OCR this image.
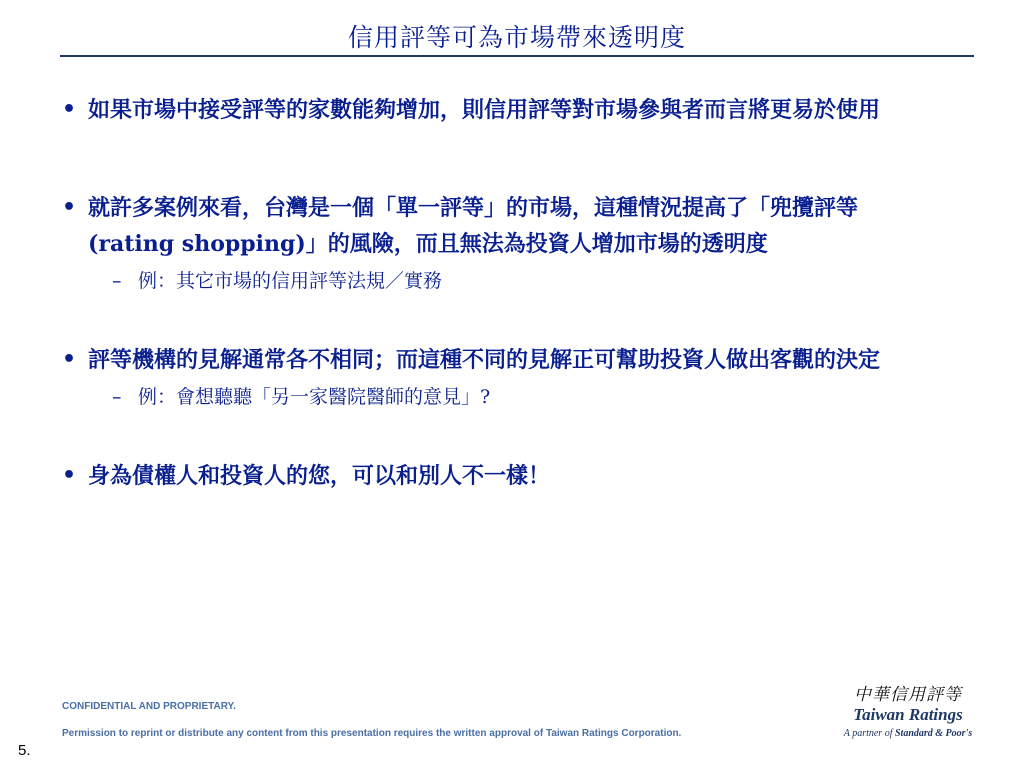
信用評等可為市場帶來透明度

• 如果市場中接受評等的家數能夠增加，則信用評等對市場參與者而言將更易於使用

• 就許多案例來看，台灣是一個「單一評等」的市場，這種情況提高了「兜攬評等 (rating shopping)」的風險，而且無法為投資人增加市場的透明度

– 例：其它市場的信用評等法規／實務

• 評等機構的見解通常各不相同；而這種不同的見解正可幫助投資人做出客觀的決定

– 例：會想聽聽「另一家醫院醫師的意見」?

• 身為債權人和投資人的您，可以和別人不一樣！

CONFIDENTIAL AND PROPRIETARY.
Permission to reprint or distribute any content from this presentation requires the written approval of Taiwan Ratings Corporation.
5.
中華信用評等
Taiwan Ratings
A partner of Standard & Poor's
